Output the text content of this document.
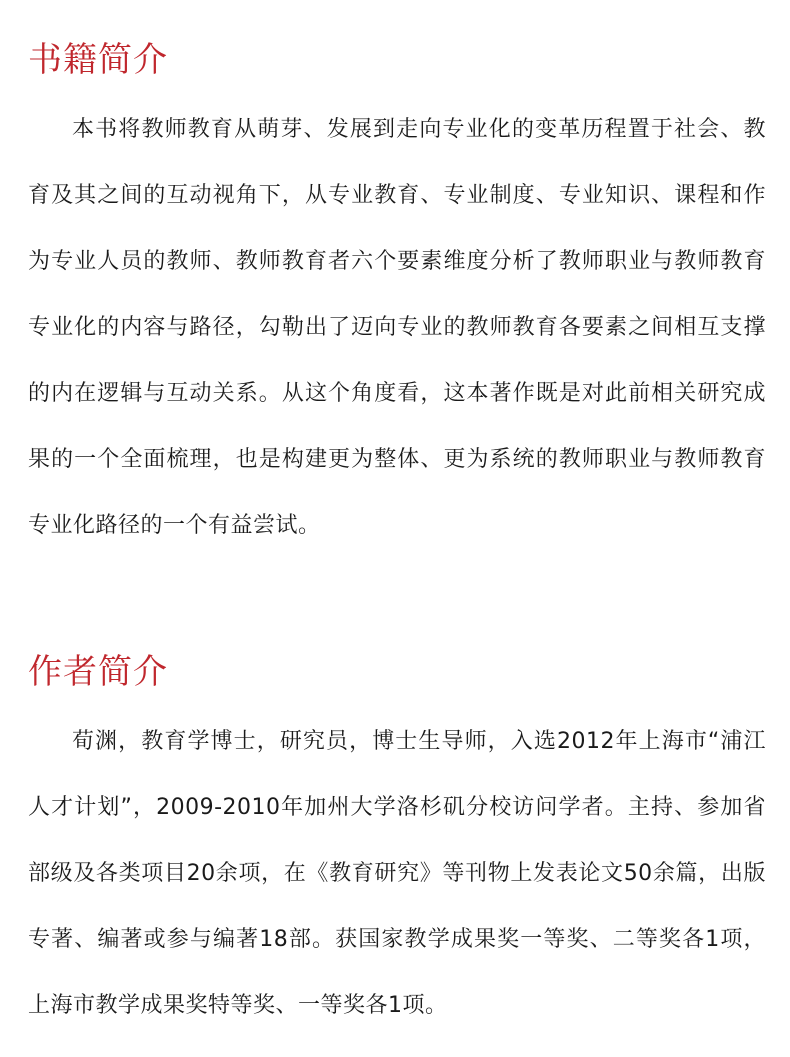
书籍简介

本书将教师教育从萌芽、发展到走向专业化的变革历程置于社会、教育及其之间的互动视角下，从专业教育、专业制度、专业知识、课程和作为专业人员的教师、教师教育者六个要素维度分析了教师职业与教师教育专业化的内容与路径，勾勒出了迈向专业的教师教育各要素之间相互支撑的内在逻辑与互动关系。从这个角度看，这本著作既是对此前相关研究成果的一个全面梳理，也是构建更为整体、更为系统的教师职业与教师教育专业化路径的一个有益尝试。

作者简介

荀渊，教育学博士，研究员，博士生导师，入选2012年上海市“浦江人才计划”，2009-2010年加州大学洛杉矶分校访问学者。主持、参加省部级及各类项目20余项，在《教育研究》等刊物上发表论文50余篇，出版专著、编著或参与编著18部。获国家教学成果奖一等奖、二等奖各1项，上海市教学成果奖特等奖、一等奖各1项。
